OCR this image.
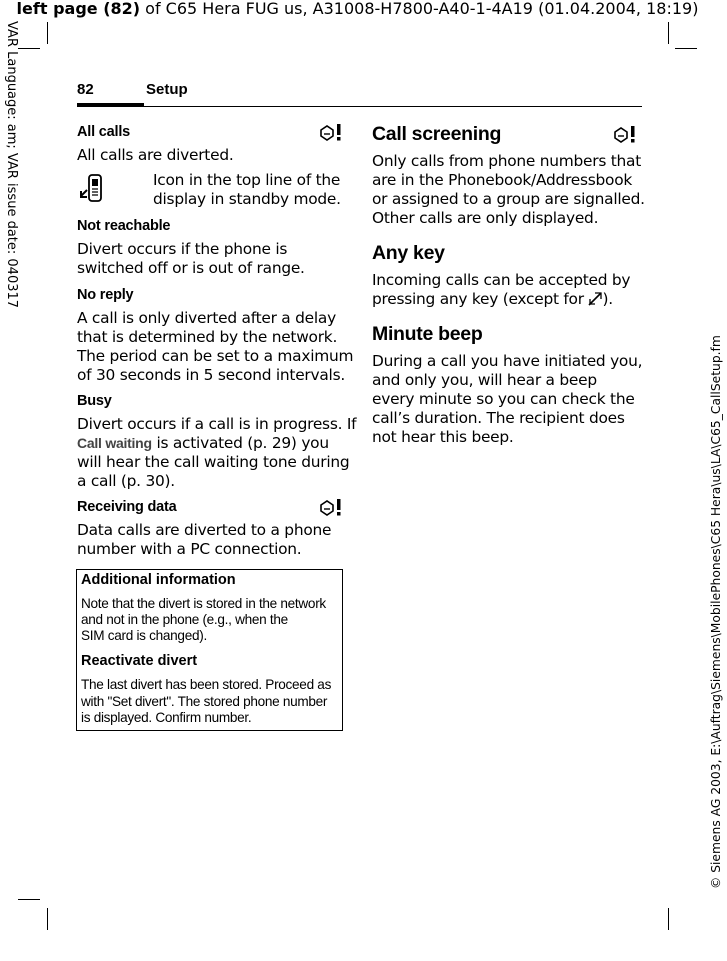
left page (82) of C65 Hera FUG us, A31008-H7800-A40-1-4A19 (01.04.2004, 18:19)
VAR Language: am; VAR issue date: 040317
© Siemens AG 2003, E:\Auftrag\Siemens\MobilePhones\C65 Hera\us\LA\C65_CallSetup.fm
82	Setup
All calls
All calls are diverted.
Icon in the top line of the
display in standby mode.
Not reachable
Divert occurs if the phone is
switched off or is out of range.
No reply
A call is only diverted after a delay
that is determined by the network.
The period can be set to a maximum
of 30 seconds in 5 second intervals.
Busy
Divert occurs if a call is in progress. If
Call waiting is activated (p. 29) you
will hear the call waiting tone during
a call (p. 30).
Receiving data
Data calls are diverted to a phone
number with a PC connection.
Additional information
Note that the divert is stored in the network
and not in the phone (e.g., when the
SIM card is changed).
Reactivate divert
The last divert has been stored. Proceed as
with "Set divert". The stored phone number
is displayed. Confirm number.
Call screening
Only calls from phone numbers that
are in the Phonebook/Addressbook
or assigned to a group are signalled.
Other calls are only displayed.
Any key
Incoming calls can be accepted by
pressing any key (except for ).
Minute beep
During a call you have initiated you,
and only you, will hear a beep
every minute so you can check the
call’s duration. The recipient does
not hear this beep.
